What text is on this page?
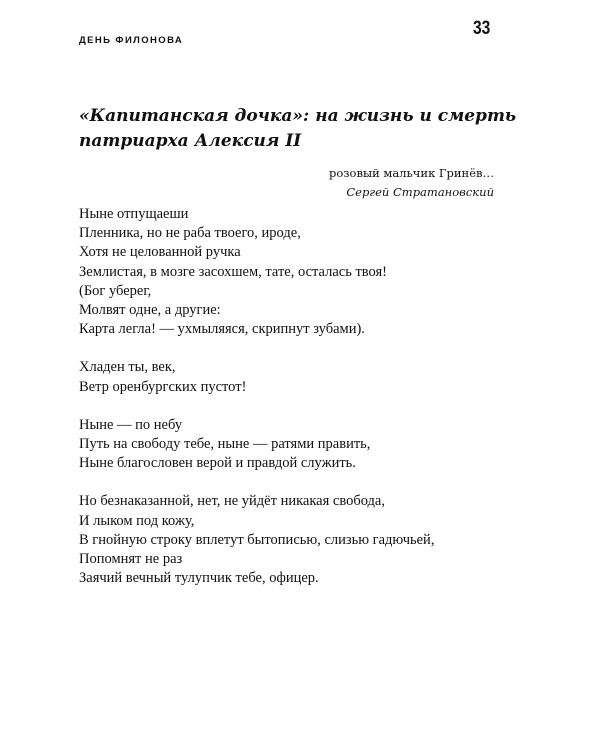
ДЕНЬ ФИЛОНОВА
33
«Капитанская дочка»: на жизнь и смерть
патриарха Алексия II
розовый мальчик Гринёв…
Сергей Стратановский
Ныне отпущаеши
Пленника, но не раба твоего, ироде,
Хотя не целованной ручка
Землистая, в мозге засохшем, тате, осталась твоя!
(Бог уберег,
Молвят одне, а другие:
Карта легла! — ухмыляяся, скрипнут зубами).
Хладен ты, век,
Ветр оренбургских пустот!
Ныне — по небу
Путь на свободу тебе, ныне — ратями править,
Ныне благословен верой и правдой служить.
Но безнаказанной, нет, не уйдёт никакая свобода,
И лыком под кожу,
В гнойную строку вплетут бытописью, слизью гадючьей,
Попомнят не раз
Заячий вечный тулупчик тебе, офицер.
